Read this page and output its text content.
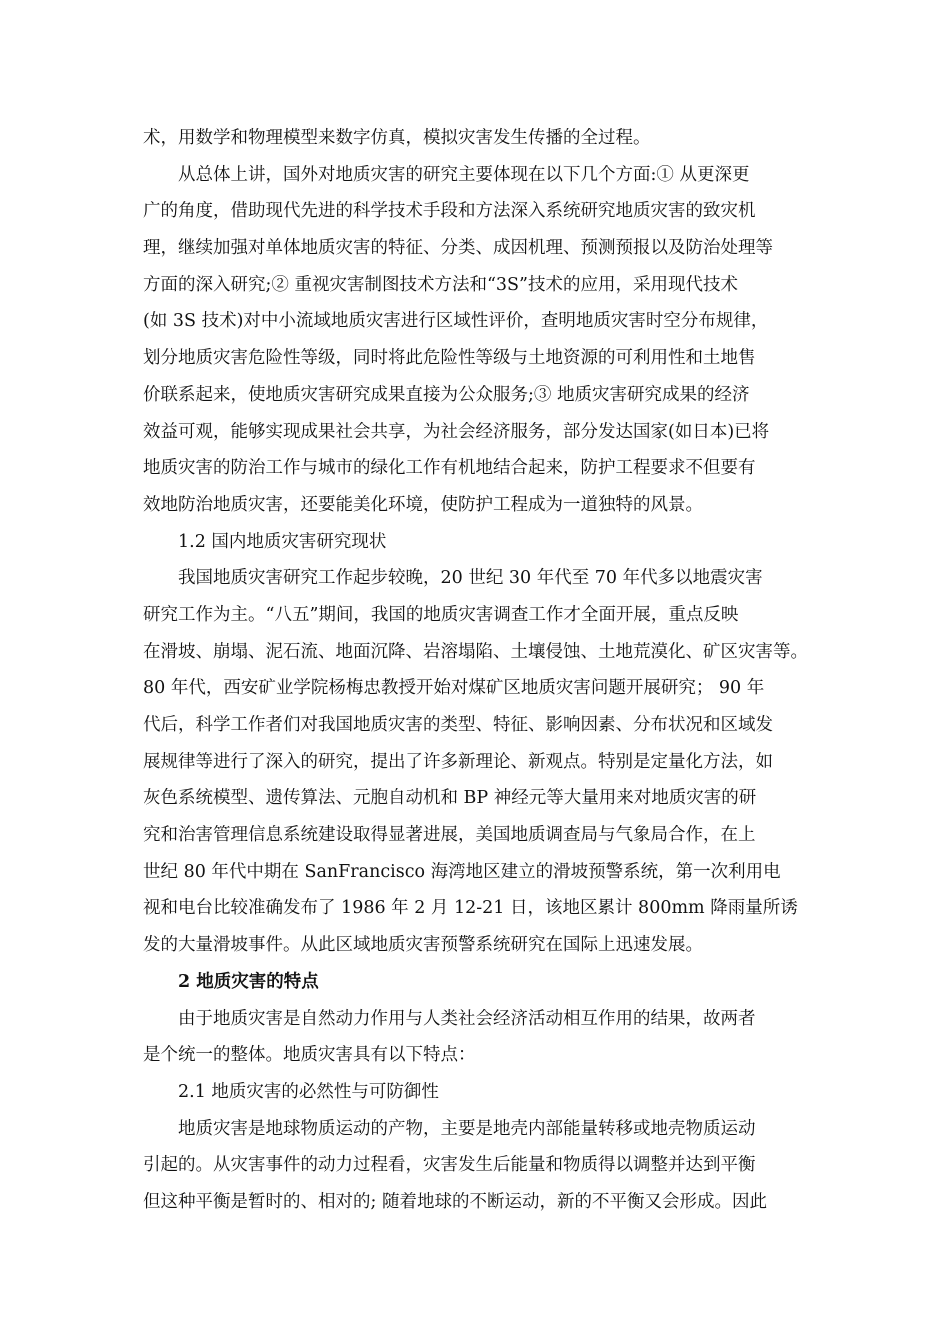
术，用数学和物理模型来数字仿真，模拟灾害发生传播的全过程。
从总体上讲，国外对地质灾害的研究主要体现在以下几个方面:① 从更深更
广的角度，借助现代先进的科学技术手段和方法深入系统研究地质灾害的致灾机
理，继续加强对单体地质灾害的特征、分类、成因机理、预测预报以及防治处理等
方面的深入研究;② 重视灾害制图技术方法和“3S”技术的应用，采用现代技术
(如 3S 技术)对中小流域地质灾害进行区域性评价，查明地质灾害时空分布规律，
划分地质灾害危险性等级，同时将此危险性等级与土地资源的可利用性和土地售
价联系起来，使地质灾害研究成果直接为公众服务;③ 地质灾害研究成果的经济
效益可观，能够实现成果社会共享，为社会经济服务，部分发达国家(如日本)已将
地质灾害的防治工作与城市的绿化工作有机地结合起来，防护工程要求不但要有
效地防治地质灾害，还要能美化环境，使防护工程成为一道独特的风景。
1.2 国内地质灾害研究现状
我国地质灾害研究工作起步较晚，20 世纪 30 年代至 70 年代多以地震灾害
研究工作为主。“八五”期间，我国的地质灾害调查工作才全面开展，重点反映
在滑坡、崩塌、泥石流、地面沉降、岩溶塌陷、土壤侵蚀、土地荒漠化、矿区灾害等。
80 年代，西安矿业学院杨梅忠教授开始对煤矿区地质灾害问题开展研究； 90 年
代后，科学工作者们对我国地质灾害的类型、特征、影响因素、分布状况和区域发
展规律等进行了深入的研究，提出了许多新理论、新观点。特别是定量化方法，如
灰色系统模型、遗传算法、元胞自动机和 BP 神经元等大量用来对地质灾害的研
究和治害管理信息系统建设取得显著进展，美国地质调查局与气象局合作，在上
世纪 80 年代中期在 SanFrancisco 海湾地区建立的滑坡预警系统，第一次利用电
视和电台比较准确发布了 1986 年 2 月 12-21 日，该地区累计 800mm 降雨量所诱
发的大量滑坡事件。从此区域地质灾害预警系统研究在国际上迅速发展。
2 地质灾害的特点
由于地质灾害是自然动力作用与人类社会经济活动相互作用的结果，故两者
是个统一的整体。地质灾害具有以下特点：
2.1 地质灾害的必然性与可防御性
地质灾害是地球物质运动的产物，主要是地壳内部能量转移或地壳物质运动
引起的。从灾害事件的动力过程看，灾害发生后能量和物质得以调整并达到平衡
但这种平衡是暂时的、相对的; 随着地球的不断运动，新的不平衡又会形成。因此
